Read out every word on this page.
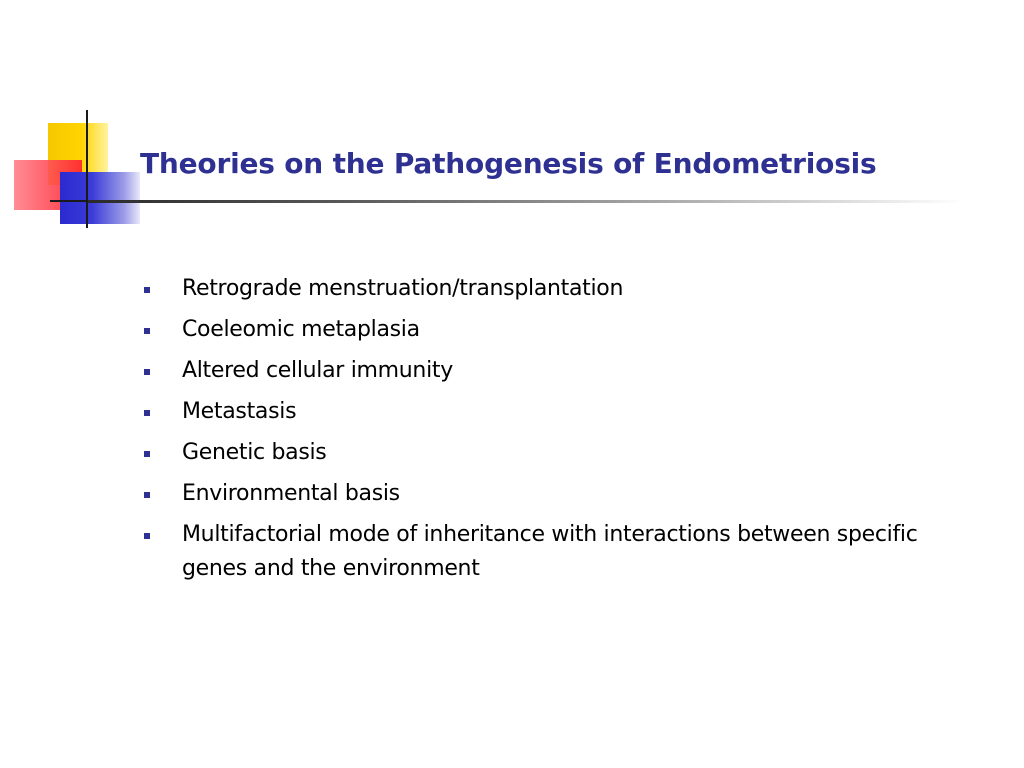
Theories on the Pathogenesis of Endometriosis
Retrograde menstruation/transplantation
Coeleomic metaplasia
Altered cellular immunity
Metastasis
Genetic basis
Environmental basis
Multifactorial mode of inheritance with interactions between specific genes and the environment
